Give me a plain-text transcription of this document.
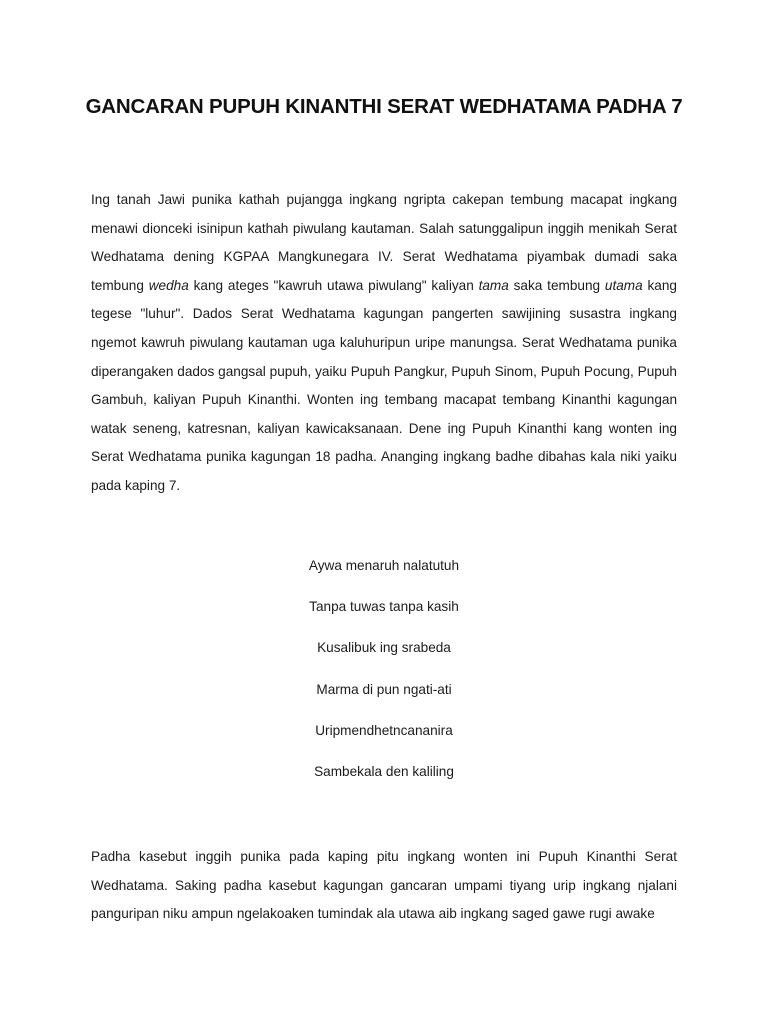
GANCARAN PUPUH KINANTHI SERAT WEDHATAMA PADHA 7
Ing tanah Jawi punika kathah pujangga ingkang ngripta cakepan tembung macapat ingkang menawi dionceki isinipun kathah piwulang kautaman. Salah satunggalipun inggih menikah Serat Wedhatama dening KGPAA Mangkunegara IV. Serat Wedhatama piyambak dumadi saka tembung wedha kang ateges "kawruh utawa piwulang" kaliyan tama saka tembung utama kang tegese "luhur". Dados Serat Wedhatama kagungan pangerten sawijining susastra ingkang ngemot kawruh piwulang kautaman uga kaluhuripun uripe manungsa. Serat Wedhatama punika diperangaken dados gangsal pupuh, yaiku Pupuh Pangkur, Pupuh Sinom, Pupuh Pocung, Pupuh Gambuh, kaliyan Pupuh Kinanthi. Wonten ing tembang macapat tembang Kinanthi kagungan watak seneng, katresnan, kaliyan kawicaksanaan. Dene ing Pupuh Kinanthi kang wonten ing Serat Wedhatama punika kagungan 18 padha. Ananging ingkang badhe dibahas kala niki yaiku pada kaping 7.
Aywa menaruh nalatutuh
Tanpa tuwas tanpa kasih
Kusalibuk ing srabeda
Marma di pun ngati-ati
Uripmendhetncananira
Sambekala den kaliling
Padha kasebut inggih punika pada kaping pitu ingkang wonten ini Pupuh Kinanthi Serat Wedhatama. Saking padha kasebut kagungan gancaran umpami tiyang urip ingkang njalani panguripan niku ampun ngelakoaken tumindak ala utawa aib ingkang saged gawe rugi awake
